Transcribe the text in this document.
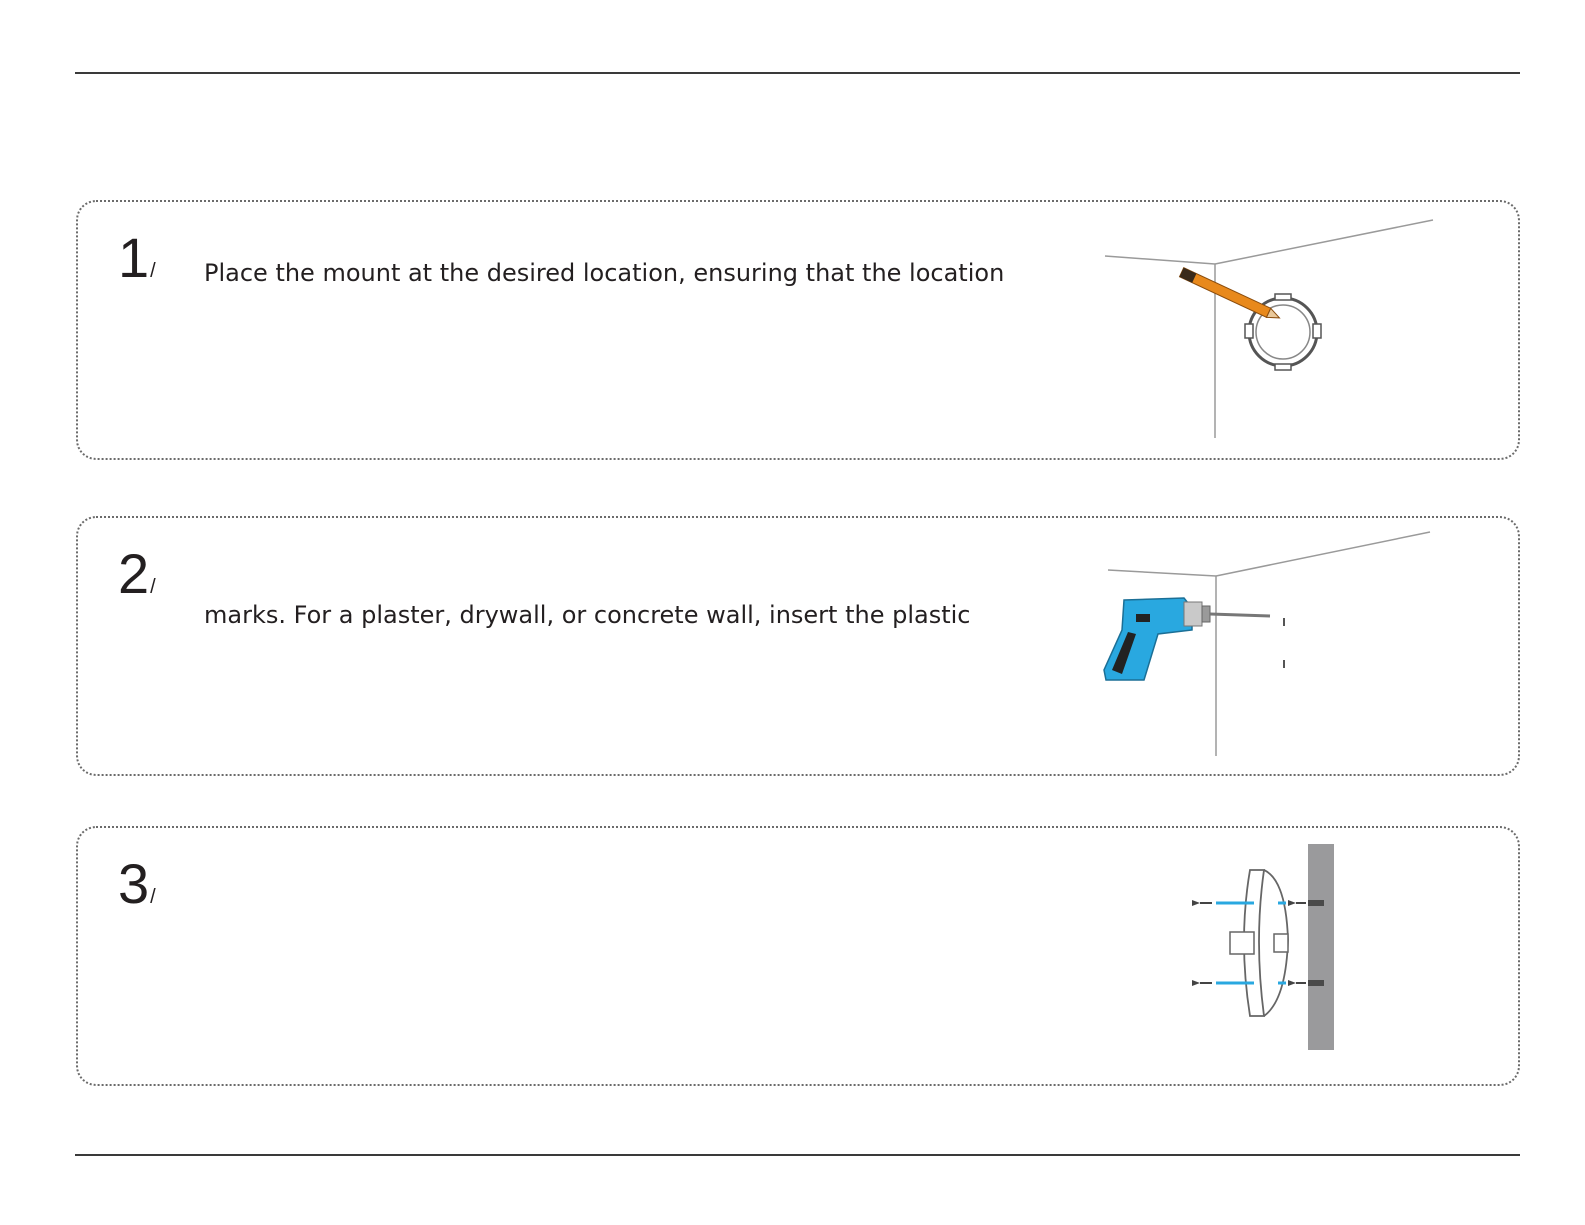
1 / Place the mount at the desired location, ensuring that the location
2 /
marks. For a plaster, drywall, or concrete wall, insert the plastic
3 /
